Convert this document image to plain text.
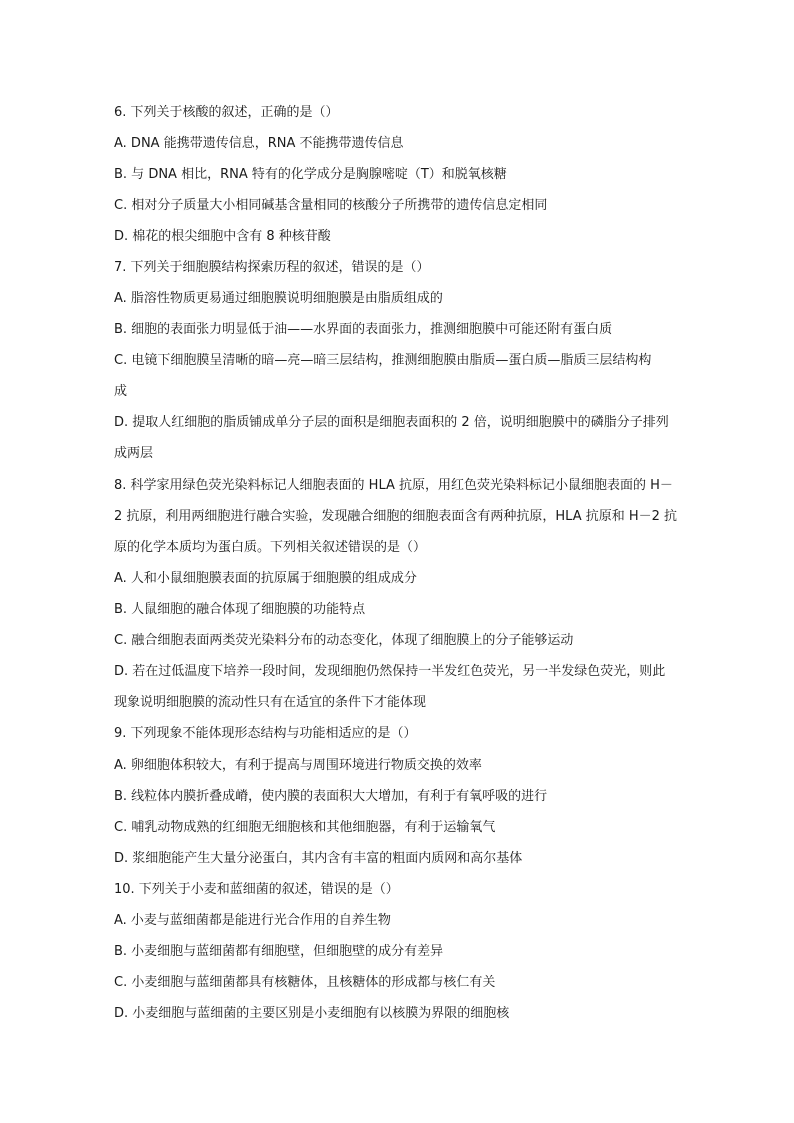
6. 下列关于核酸的叙述，正确的是（）
A. DNA 能携带遗传信息，RNA 不能携带遗传信息
B. 与 DNA 相比，RNA 特有的化学成分是胸腺嘧啶（T）和脱氧核糖
C. 相对分子质量大小相同碱基含量相同的核酸分子所携带的遗传信息定相同
D. 棉花的根尖细胞中含有 8 种核苷酸
7. 下列关于细胞膜结构探索历程的叙述，错误的是（）
A. 脂溶性物质更易通过细胞膜说明细胞膜是由脂质组成的
B. 细胞的表面张力明显低于油——水界面的表面张力，推测细胞膜中可能还附有蛋白质
C. 电镜下细胞膜呈清晰的暗—亮—暗三层结构，推测细胞膜由脂质—蛋白质—脂质三层结构构
成
D. 提取人红细胞的脂质铺成单分子层的面积是细胞表面积的 2 倍，说明细胞膜中的磷脂分子排列
成两层
8. 科学家用绿色荧光染料标记人细胞表面的 HLA 抗原，用红色荧光染料标记小鼠细胞表面的 H－
2 抗原，利用两细胞进行融合实验，发现融合细胞的细胞表面含有两种抗原，HLA 抗原和 H－2 抗
原的化学本质均为蛋白质。下列相关叙述错误的是（）
A. 人和小鼠细胞膜表面的抗原属于细胞膜的组成成分
B. 人鼠细胞的融合体现了细胞膜的功能特点
C. 融合细胞表面两类荧光染料分布的动态变化，体现了细胞膜上的分子能够运动
D. 若在过低温度下培养一段时间，发现细胞仍然保持一半发红色荧光，另一半发绿色荧光，则此
现象说明细胞膜的流动性只有在适宜的条件下才能体现
9. 下列现象不能体现形态结构与功能相适应的是（）
A. 卵细胞体积较大，有利于提高与周围环境进行物质交换的效率
B. 线粒体内膜折叠成嵴，使内膜的表面积大大增加，有利于有氧呼吸的进行
C. 哺乳动物成熟的红细胞无细胞核和其他细胞器，有利于运输氧气
D. 浆细胞能产生大量分泌蛋白，其内含有丰富的粗面内质网和高尔基体
10. 下列关于小麦和蓝细菌的叙述，错误的是（）
A. 小麦与蓝细菌都是能进行光合作用的自养生物
B. 小麦细胞与蓝细菌都有细胞壁，但细胞壁的成分有差异
C. 小麦细胞与蓝细菌都具有核糖体，且核糖体的形成都与核仁有关
D. 小麦细胞与蓝细菌的主要区别是小麦细胞有以核膜为界限的细胞核
